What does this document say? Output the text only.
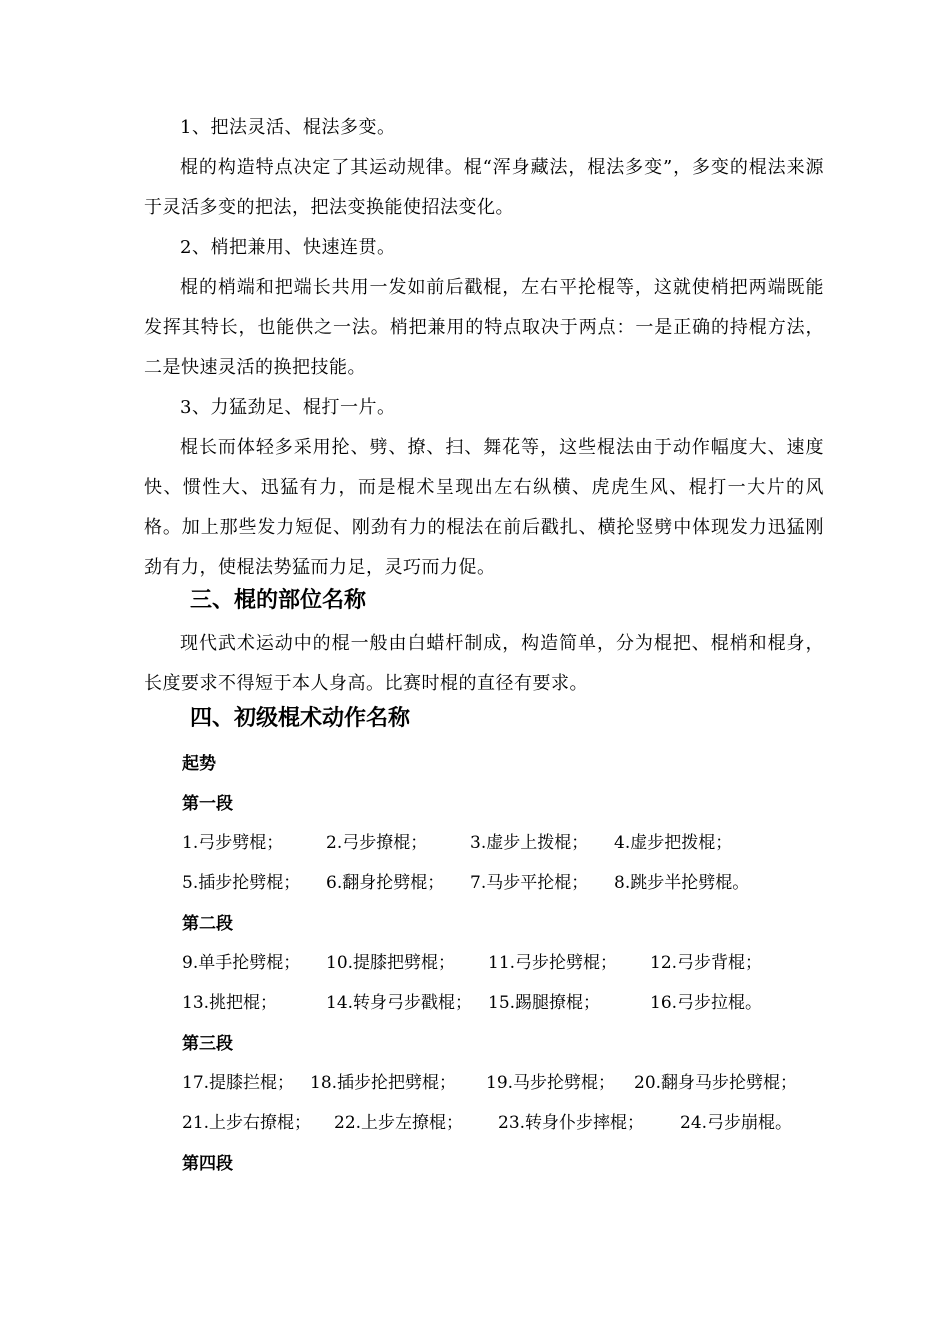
1、把法灵活、棍法多变。

棍的构造特点决定了其运动规律。棍“浑身藏法，棍法多变”，多变的棍法来源于灵活多变的把法，把法变换能使招法变化。

2、梢把兼用、快速连贯。

棍的梢端和把端长共用一发如前后戳棍，左右平抡棍等，这就使梢把两端既能发挥其特长，也能供之一法。梢把兼用的特点取决于两点：一是正确的持棍方法，二是快速灵活的换把技能。

3、力猛劲足、棍打一片。

棍长而体轻多采用抡、劈、撩、扫、舞花等，这些棍法由于动作幅度大、速度快、惯性大、迅猛有力，而是棍术呈现出左右纵横、虎虎生风、棍打一大片的风格。加上那些发力短促、刚劲有力的棍法在前后戳扎、横抡竖劈中体现发力迅猛刚劲有力，使棍法势猛而力足，灵巧而力促。

三、棍的部位名称

现代武术运动中的棍一般由白蜡杆制成，构造简单，分为棍把、棍梢和棍身，长度要求不得短于本人身高。比赛时棍的直径有要求。

四、初级棍术动作名称
起势
第一段
1.弓步劈棍；	2.弓步撩棍；	3.虚步上拨棍； 4.虚步把拨棍；
5.插步抡劈棍； 6.翻身抡劈棍； 7.马步平抡棍； 8.跳步半抡劈棍。
第二段
9.单手抡劈棍； 10.提膝把劈棍； 11.弓步抡劈棍； 12.弓步背棍；
13.挑把棍；	14.转身弓步戳棍； 15.踢腿撩棍；	16.弓步拉棍。
第三段
17.提膝拦棍； 18.插步抡把劈棍； 19.马步抡劈棍； 20.翻身马步抡劈棍；
21.上步右撩棍； 22.上步左撩棍； 23.转身仆步摔棍； 24.弓步崩棍。
第四段
